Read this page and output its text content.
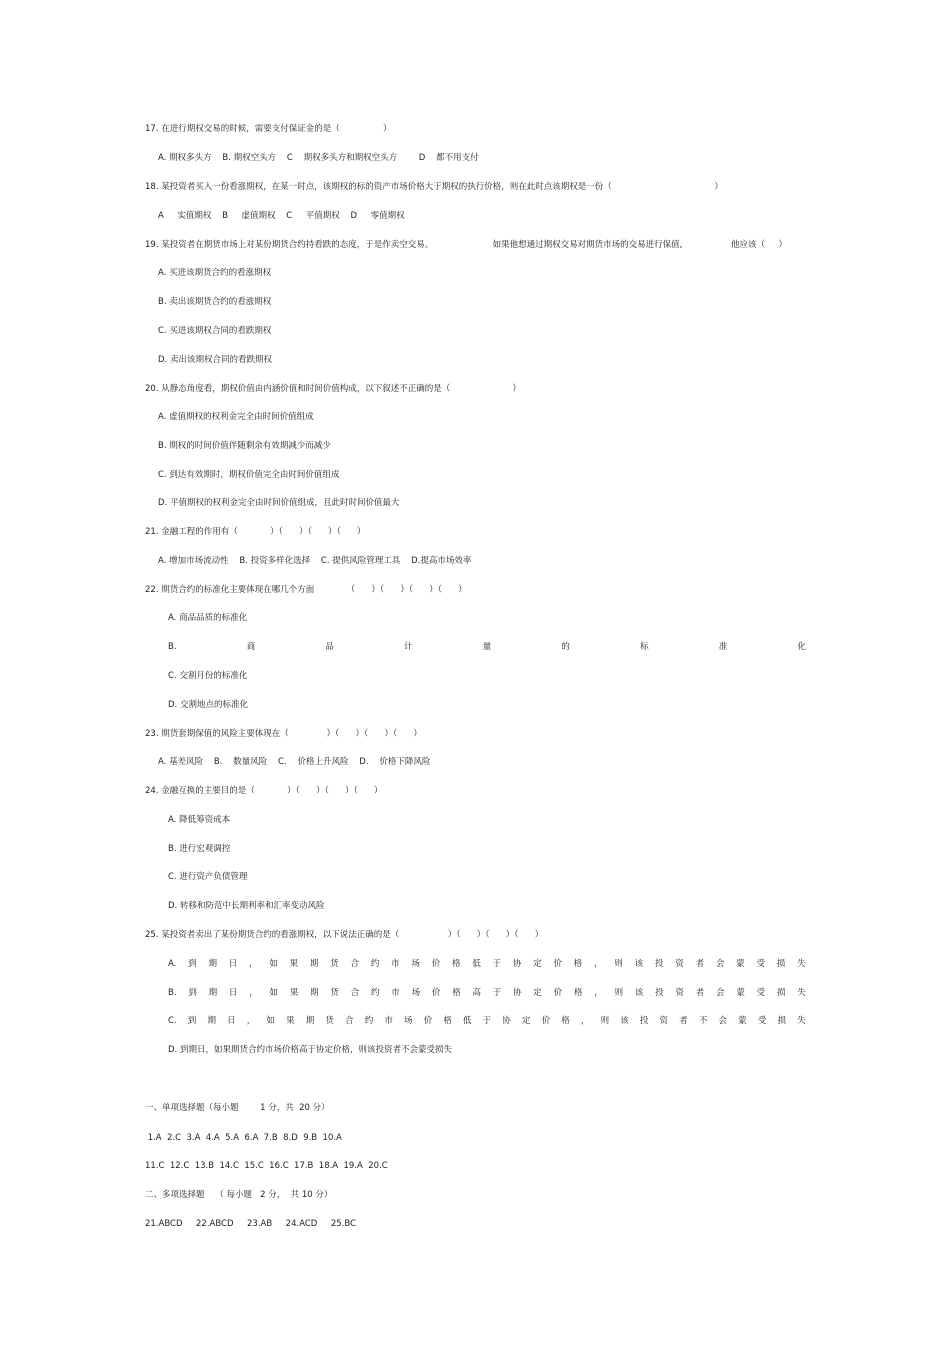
17. 在进行期权交易的时候，需要支付保证金的是（                ）
A. 期权多头方    B. 期权空头方    C    期权多头方和期权空头方        D    都不用支付
18. 某投资者买入一份看涨期权，在某一时点，该期权的标的资产市场价格大于期权的执行价格，则在此时点该期权是一份（                                      ）
A     实值期权    B     虚值期权    C     平值期权    D     零值期权
19. 某投资者在期货市场上对某份期货合约持看跌的态度，于是作卖空交易。                      如果他想通过期权交易对期货市场的交易进行保值,                  他应该（     ）
A. 买进该期货合约的看涨期权
B. 卖出该期货合约的看涨期权
C. 买进该期权合同的看跌期权
D. 卖出该期权合同的看跌期权
20. 从静态角度看，期权价值由内涵价值和时间价值构成，以下叙述不正确的是（                       ）
A. 虚值期权的权利金完全由时间价值组成
B. 期权的时间价值伴随剩余有效期减少而减少
C. 到达有效期时，期权价值完全由时间价值组成
D. 平值期权的权利金完全由时间价值组成，且此时时间价值最大
21. 金融工程的作用有（            ）（      ）（      ）（      ）
A. 增加市场流动性    B. 投资多样化选择    C. 提供风险管理工具    D.提高市场效率
22. 期货合约的标准化主要体现在哪几个方面            （      ）（      ）（      ）（      ）
A. 商品品质的标准化
B.	商	品	计	量	的	标	准	化
C. 交割月份的标准化
D. 交割地点的标准化
23. 期货套期保值的风险主要体现在（              ）（      ）（      ）（      ）
A. 基差风险    B.    数量风险    C.    价格上升风险    D.    价格下降风险
24. 金融互换的主要目的是（            ）（      ）（      ）（      ）
A. 降低筹资成本
B. 进行宏观调控
C. 进行资产负债管理
D. 转移和防范中长期利率和汇率变动风险
25. 某投资者卖出了某份期货合约的看涨期权，以下说法正确的是（                  ）（      ）（      ）（      ）
A. 到 期 日 ， 如 果 期 货 合 约 市 场 价 格 低 于 协 定 价 格 ， 则 该 投 资 者 会 蒙 受 损 失
B. 到 期 日 ， 如 果 期 货 合 约 市 场 价 格 高 于 协 定 价 格 ， 则 该 投 资 者 会 蒙 受 损 失
C. 到 期 日 ， 如 果 期 货 合 约 市 场 价 格 低 于 协 定 价 格 ， 则 该 投 资 者 不 会 蒙 受 损 失
D. 到期日，如果期货合约市场价格高于协定价格，则该投资者不会蒙受损失
一、单项选择题（每小题        1 分，共  20 分）
1.A  2.C  3.A  4.A  5.A  6.A  7.B  8.D  9.B  10.A
11.C  12.C  13.B  14.C  15.C  16.C  17.B  18.A  19.A  20.C
二、多项选择题    （ 每小题   2 分，  共 10 分）
21.ABCD     22.ABCD     23.AB     24.ACD     25.BC
